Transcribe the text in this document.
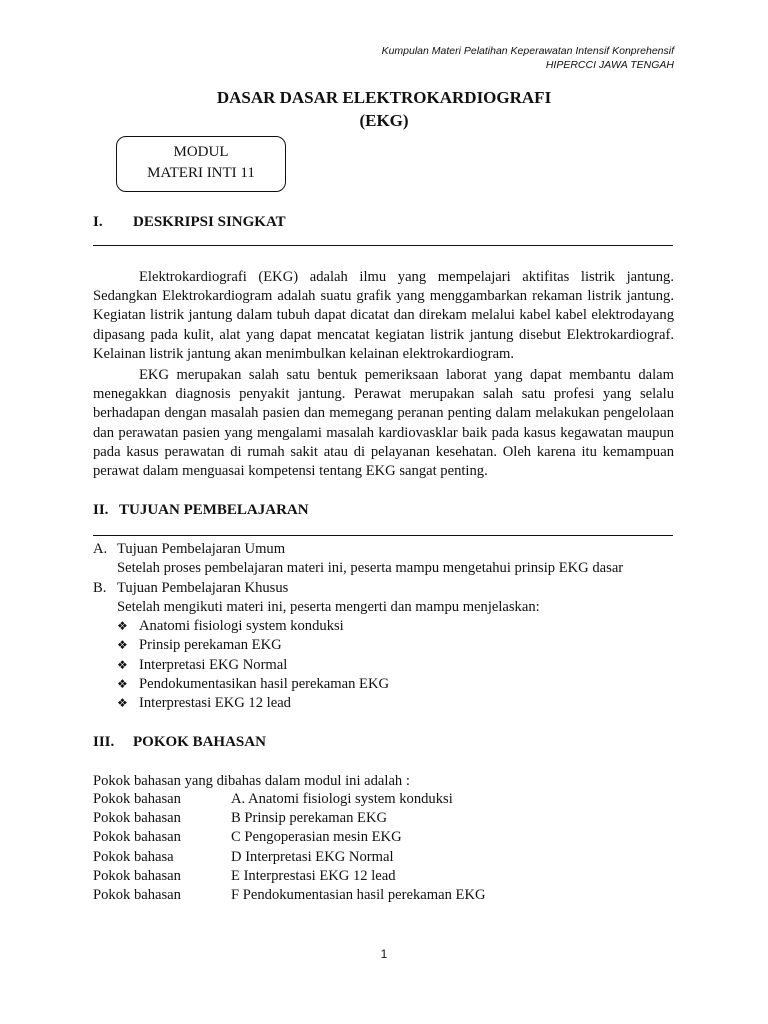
Kumpulan Materi Pelatihan Keperawatan Intensif Konprehensif
HIPERCCI JAWA TENGAH
DASAR DASAR ELEKTROKARDIOGRAFI
(EKG)
MODUL
MATERI INTI 11
I. DESKRIPSI SINGKAT

Elektrokardiografi (EKG) adalah ilmu yang mempelajari aktifitas listrik jantung. Sedangkan Elektrokardiogram adalah suatu grafik yang menggambarkan rekaman listrik jantung. Kegiatan listrik jantung dalam tubuh dapat dicatat dan direkam melalui kabel kabel elektrodayang dipasang pada kulit, alat yang dapat mencatat kegiatan listrik jantung disebut Elektrokardiograf. Kelainan listrik jantung akan menimbulkan kelainan elektrokardiogram.

EKG merupakan salah satu bentuk pemeriksaan laborat yang dapat membantu dalam menegakkan diagnosis penyakit jantung. Perawat merupakan salah satu profesi yang selalu berhadapan dengan masalah pasien dan memegang peranan penting dalam melakukan pengelolaan dan perawatan pasien yang mengalami masalah kardiovasklar baik pada kasus kegawatan maupun pada kasus perawatan di rumah sakit atau di pelayanan kesehatan. Oleh karena itu kemampuan perawat dalam menguasai kompetensi tentang EKG sangat penting.

II. TUJUAN PEMBELAJARAN
A. Tujuan Pembelajaran Umum
Setelah proses pembelajaran materi ini, peserta mampu mengetahui prinsip EKG dasar
B. Tujuan Pembelajaran Khusus
Setelah mengikuti materi ini, peserta mengerti dan mampu menjelaskan:
❖ Anatomi fisiologi system konduksi
❖ Prinsip perekaman EKG
❖ Interpretasi EKG Normal
❖ Pendokumentasikan hasil perekaman EKG
❖ Interprestasi EKG 12 lead
III. POKOK BAHASAN
Pokok bahasan yang dibahas dalam modul ini adalah :
Pokok bahasan	A. Anatomi fisiologi system konduksi
Pokok bahasan	B Prinsip perekaman EKG
Pokok bahasan	C Pengoperasian mesin EKG
Pokok bahasa	D Interpretasi EKG Normal
Pokok bahasan	E Interprestasi EKG 12 lead
Pokok bahasan	F Pendokumentasian hasil perekaman EKG
1
